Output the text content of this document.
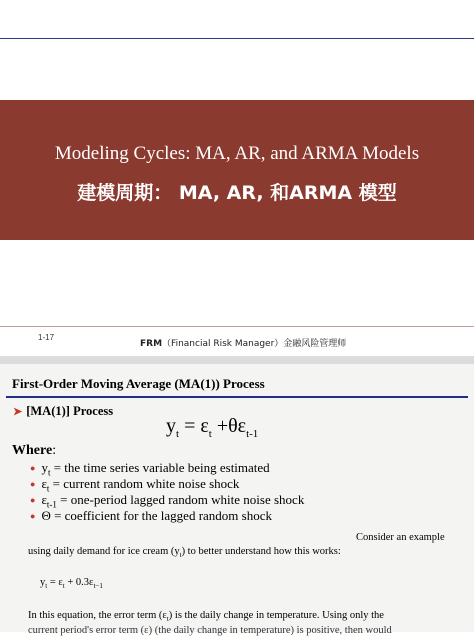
Modeling Cycles: MA, AR, and ARMA Models
建模周期： MA, AR, 和ARMA 模型
1-17
FRM（Financial Risk Manager）金融风险管理师
First-Order Moving Average (MA(1)) Process
➤ [MA(1)] Process
$y_t = \varepsilon_t +\theta\varepsilon_{t-1}$
Where:
● $y_t$ = the time series variable being estimated
● $\varepsilon_t$ = current random white noise shock
● $\varepsilon_{t-1}$ = one-period lagged random white noise shock
● Θ = coefficient for the lagged random shock
Consider an example
using daily demand for ice cream $(y_t)$ to better understand how this works:
$y_t = \varepsilon_t + 0.3\varepsilon_{t-1}$
In this equation, the error term $(\varepsilon_t)$ is the daily change in temperature. Using only the
current period's error term (ε) (the daily change in temperature) is positive, then would
